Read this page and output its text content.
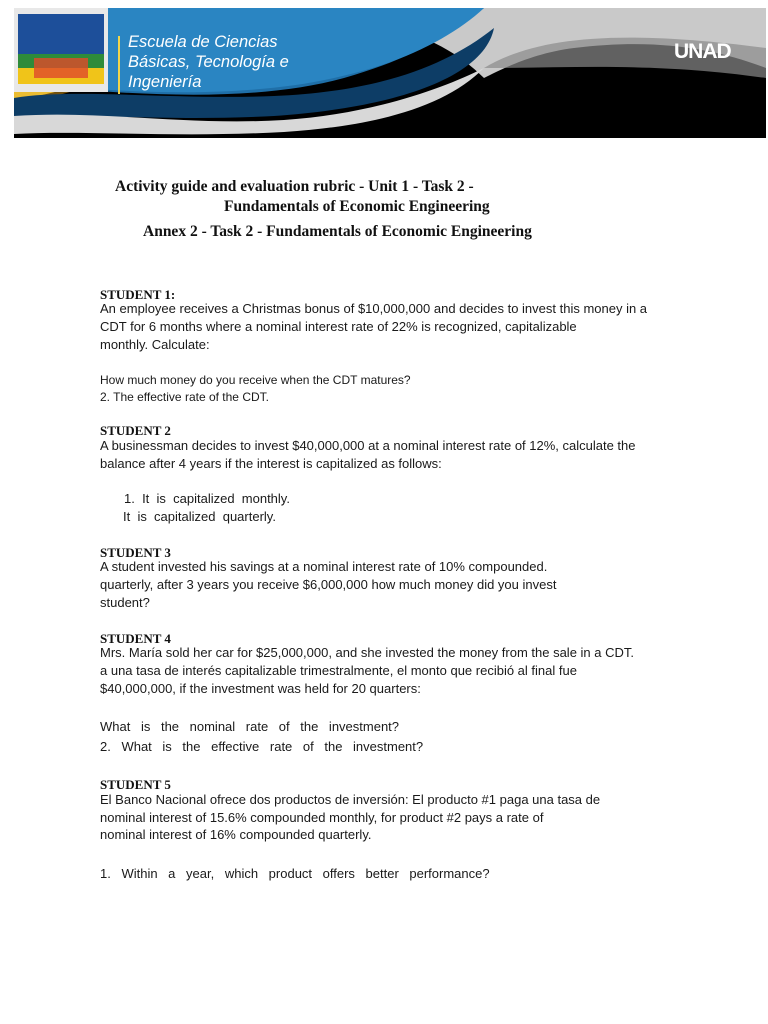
Escuela de Ciencias
Básicas, Tecnología e
Ingeniería
UNAD
Activity guide and evaluation rubric - Unit 1 - Task 2 -
Fundamentals of Economic Engineering
Annex 2 - Task 2 - Fundamentals of Economic Engineering
STUDENT 1:
An employee receives a Christmas bonus of $10,000,000 and decides to invest this money in a
CDT for 6 months where a nominal interest rate of 22% is recognized, capitalizable
monthly. Calculate:
How much money do you receive when the CDT matures?
2. The effective rate of the CDT.
STUDENT 2
A businessman decides to invest $40,000,000 at a nominal interest rate of 12%, calculate the
balance after 4 years if the interest is capitalized as follows:
1.  It  is  capitalized  monthly.
It  is  capitalized  quarterly.
STUDENT 3
A student invested his savings at a nominal interest rate of 10% compounded.
quarterly, after 3 years you receive $6,000,000 how much money did you invest
student?
STUDENT 4
Mrs. María sold her car for $25,000,000, and she invested the money from the sale in a CDT.
a una tasa de interés capitalizable trimestralmente, el monto que recibió al final fue
$40,000,000, if the investment was held for 20 quarters:
What is the nominal rate of the investment?
2. What is the effective rate of the investment?
STUDENT 5
El Banco Nacional ofrece dos productos de inversión: El producto #1 paga una tasa de
nominal interest of 15.6% compounded monthly, for product #2 pays a rate of
nominal interest of 16% compounded quarterly.
1. Within a year, which product offers better performance?
